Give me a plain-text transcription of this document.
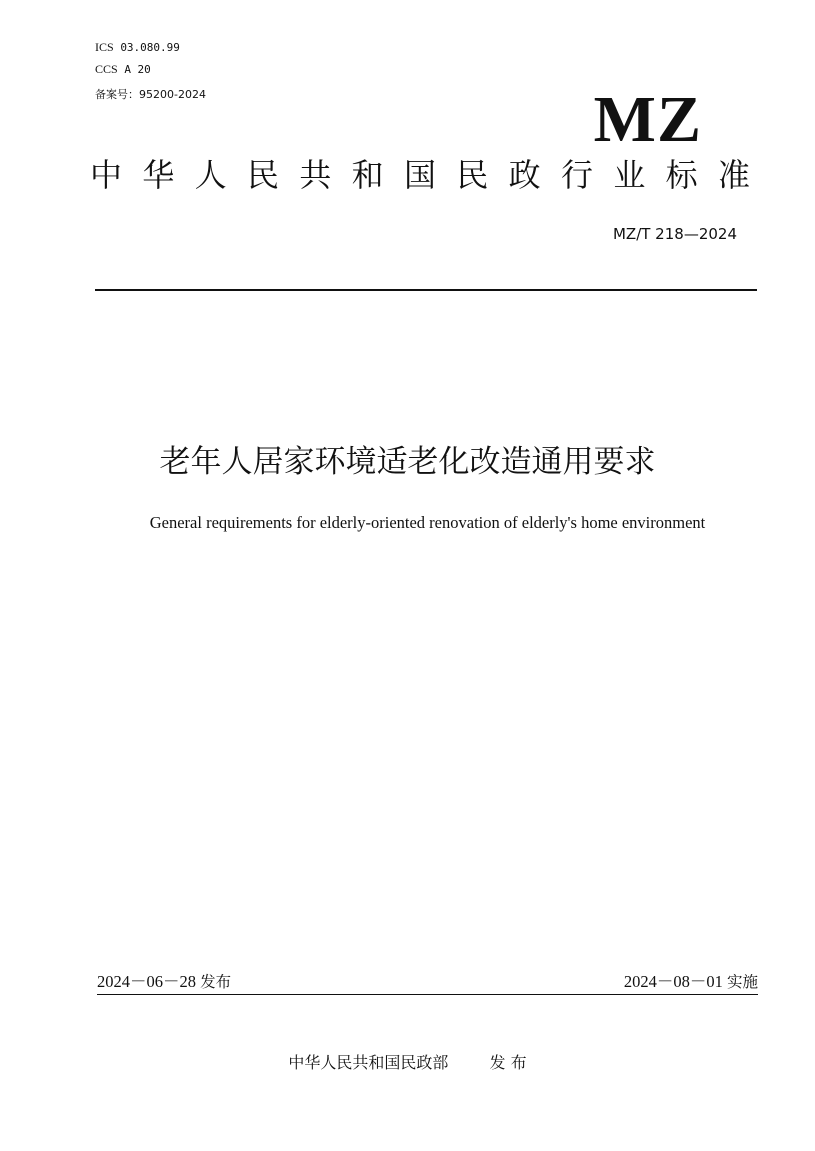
ICS 03.080.99
CCS A 20
备案号：95200-2024	MZ
中 华 人 民 共 和 国 民 政 行 业 标 准
MZ/T 218—2024
老年人居家环境适老化改造通用要求
General requirements for elderly-oriented renovation of elderly's home environment
2024－06－28 发布	2024－08－01 实施
中华人民共和国民政部	发 布
